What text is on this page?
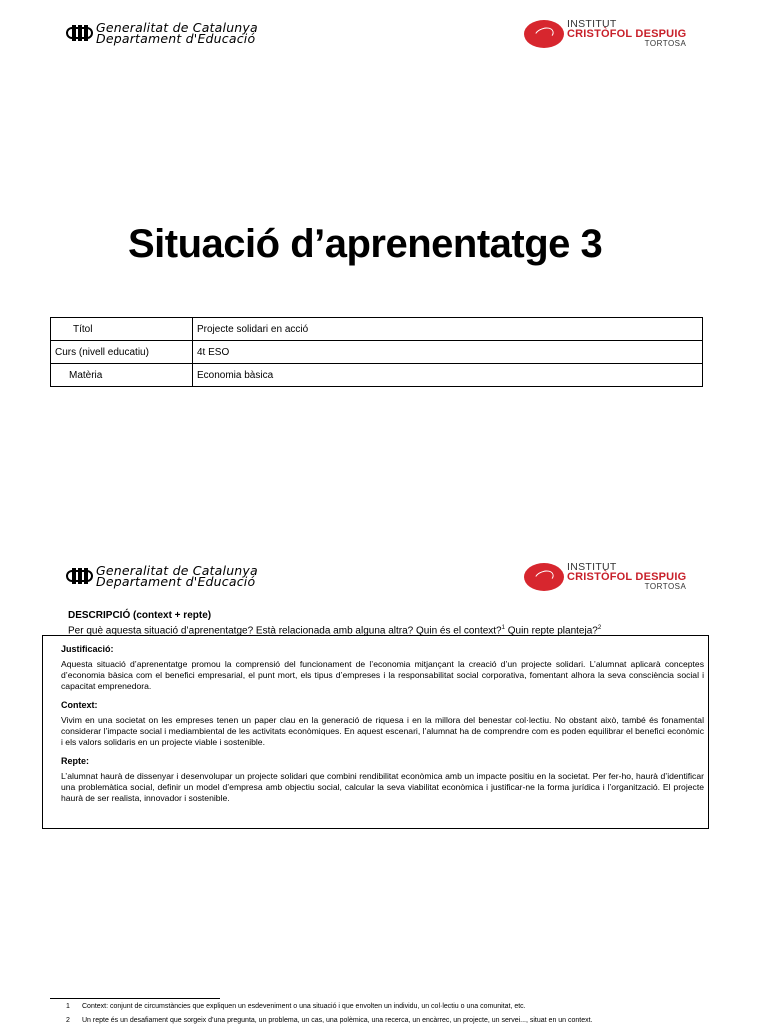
Generalitat de Catalunya
Departament d'Educació
INSTITUT
CRISTÒFOL DESPUIG
TORTOSA
Situació d’aprenentatge 3
Títol	Projecte solidari en acció
Curs (nivell educatiu)	4t ESO
Matèria	Economia bàsica
Generalitat de Catalunya
Departament d'Educació
INSTITUT
CRISTÒFOL DESPUIG
TORTOSA
DESCRIPCIÓ (context + repte)
Per què aquesta situació d’aprenentatge? Està relacionada amb alguna altra? Quin és el context?$^1$ Quin repte planteja?$^2$
Justificació:

Aquesta situació d’aprenentatge promou la comprensió del funcionament de l’economia mitjançant la creació d’un projecte solidari. L’alumnat aplicarà conceptes d’economia bàsica com el benefici empresarial, el punt mort, els tipus d’empreses i la responsabilitat social corporativa, fomentant alhora la seva consciència social i capacitat emprenedora.

Context:

Vivim en una societat on les empreses tenen un paper clau en la generació de riquesa i en la millora del benestar col·lectiu. No obstant això, també és fonamental considerar l’impacte social i mediambiental de les activitats econòmiques. En aquest escenari, l’alumnat ha de comprendre com es poden equilibrar el benefici econòmic i els valors solidaris en un projecte viable i sostenible.

Repte:

L’alumnat haurà de dissenyar i desenvolupar un projecte solidari que combini rendibilitat econòmica amb un impacte positiu en la societat. Per fer-ho, haurà d’identificar una problemàtica social, definir un model d’empresa amb objectiu social, calcular la seva viabilitat econòmica i justificar-ne la forma jurídica i l’organització. El projecte haurà de ser realista, innovador i sostenible.

1 Context: conjunt de circumstàncies que expliquen un esdeveniment o una situació i que envolten un individu, un col·lectiu o una comunitat, etc.
2 Un repte és un desafiament que sorgeix d’una pregunta, un problema, un cas, una polèmica, una recerca, un encàrrec, un projecte, un servei..., situat en un context.
